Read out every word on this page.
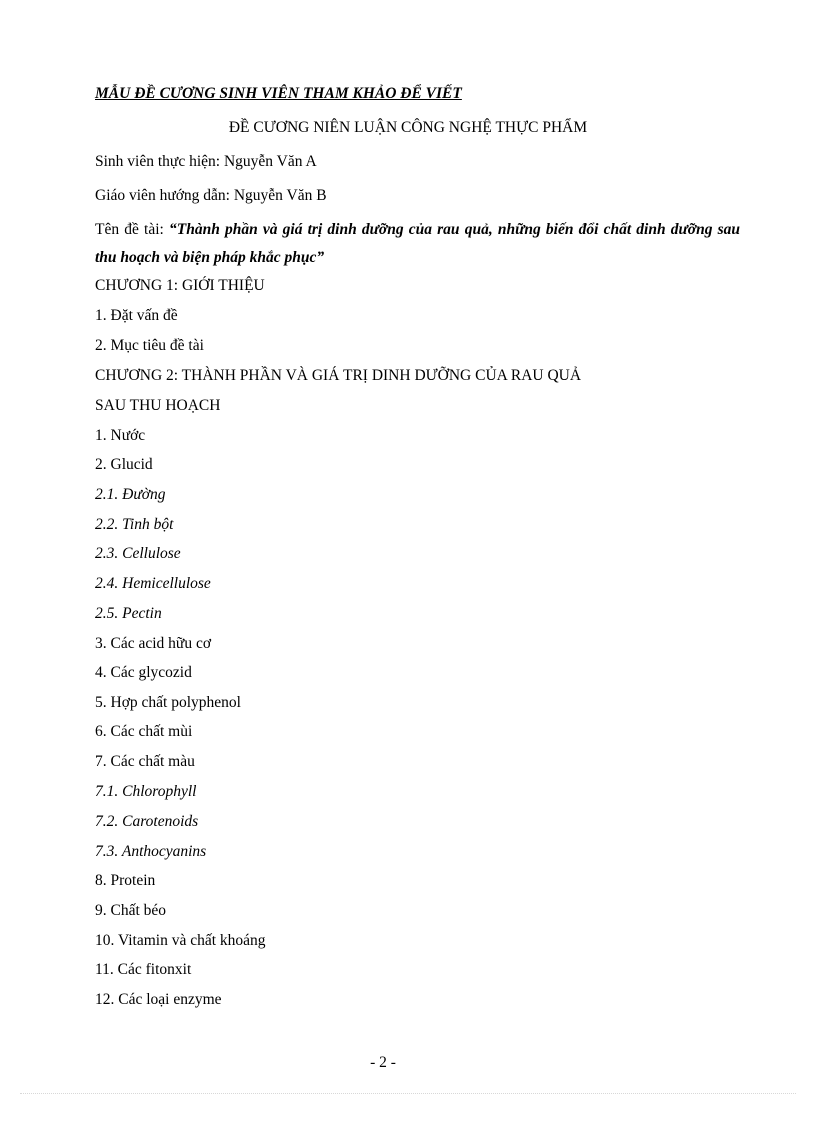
MẪU ĐỀ CƯƠNG SINH VIÊN THAM KHẢO ĐỂ VIẾT
ĐỀ CƯƠNG NIÊN LUẬN CÔNG NGHỆ THỰC PHẨM
Sinh viên thực hiện: Nguyễn Văn A
Giáo viên hướng dẫn: Nguyễn Văn B
Tên đề tài: “Thành phần và giá trị dinh dưỡng của rau quả, những biến đổi chất dinh dưỡng sau thu hoạch và biện pháp khắc phục”
CHƯƠNG 1: GIỚI THIỆU
1. Đặt vấn đề
2. Mục tiêu đề tài
CHƯƠNG 2: THÀNH PHẦN VÀ GIÁ TRỊ DINH DƯỠNG CỦA RAU QUẢ
SAU THU HOẠCH
1. Nước
2. Glucid
2.1. Đường
2.2. Tinh bột
2.3. Cellulose
2.4. Hemicellulose
2.5. Pectin
3. Các acid hữu cơ
4. Các glycozid
5. Hợp chất polyphenol
6. Các chất mùi
7. Các chất màu
7.1. Chlorophyll
7.2. Carotenoids
7.3. Anthocyanins
8. Protein
9. Chất béo
10. Vitamin và chất khoáng
11. Các fitonxit
12. Các loại enzyme
- 2 -
